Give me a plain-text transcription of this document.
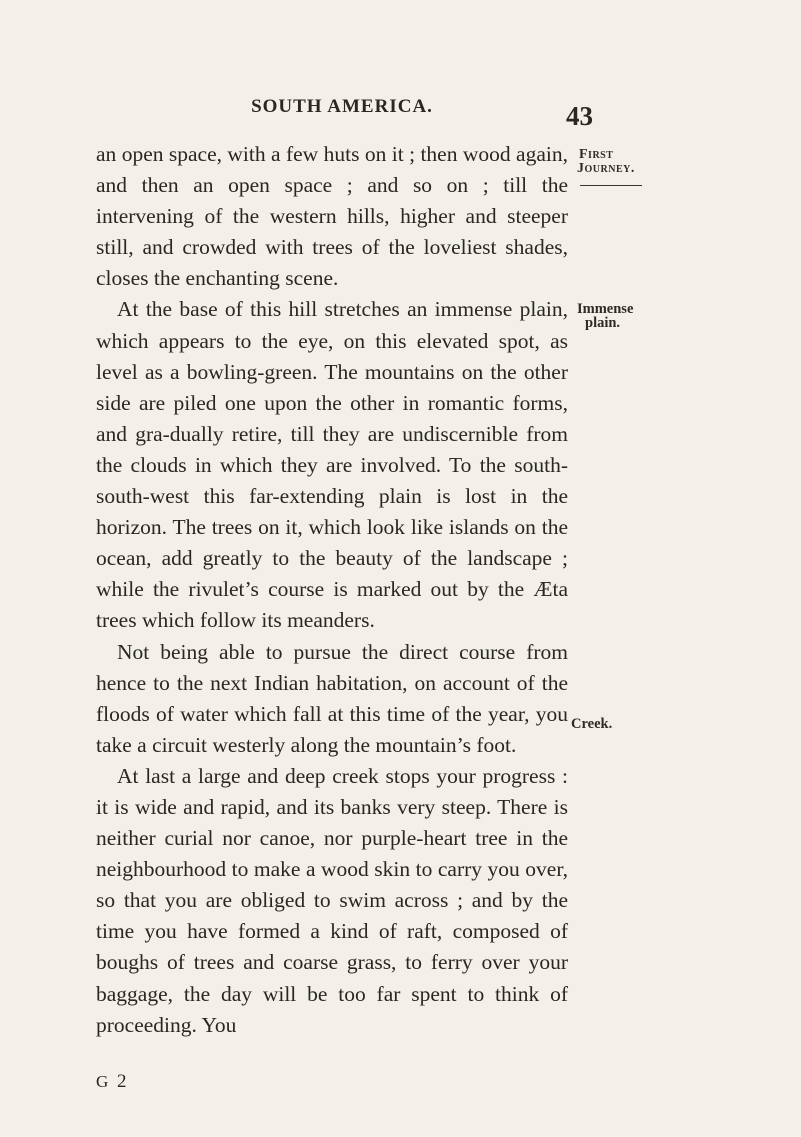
SOUTH AMERICA.	43

an open space, with a few huts on it ; then wood again, and then an open space ; and so on ; till the intervening of the western hills, higher and steeper still, and crowded with trees of the loveliest shades, closes the enchanting scene.

At the base of this hill stretches an immense plain, which appears to the eye, on this elevated spot, as level as a bowling-green. The mountains on the other side are piled one upon the other in romantic forms, and gra-dually retire, till they are undiscernible from the clouds in which they are involved. To the south-south-west this far-extending plain is lost in the horizon. The trees on it, which look like islands on the ocean, add greatly to the beauty of the landscape ; while the rivulet’s course is marked out by the Æta trees which follow its meanders.

Not being able to pursue the direct course from hence to the next Indian habitation, on account of the floods of water which fall at this time of the year, you take a circuit westerly along the mountain’s foot.

At last a large and deep creek stops your progress : it is wide and rapid, and its banks very steep. There is neither curial nor canoe, nor purple-heart tree in the neighbourhood to make a wood skin to carry you over, so that you are obliged to swim across ; and by the time you have formed a kind of raft, composed of boughs of trees and coarse grass, to ferry over your baggage, the day will be too far spent to think of proceeding. You

First
Journey.
Immense
plain.
Creek.
G 2
